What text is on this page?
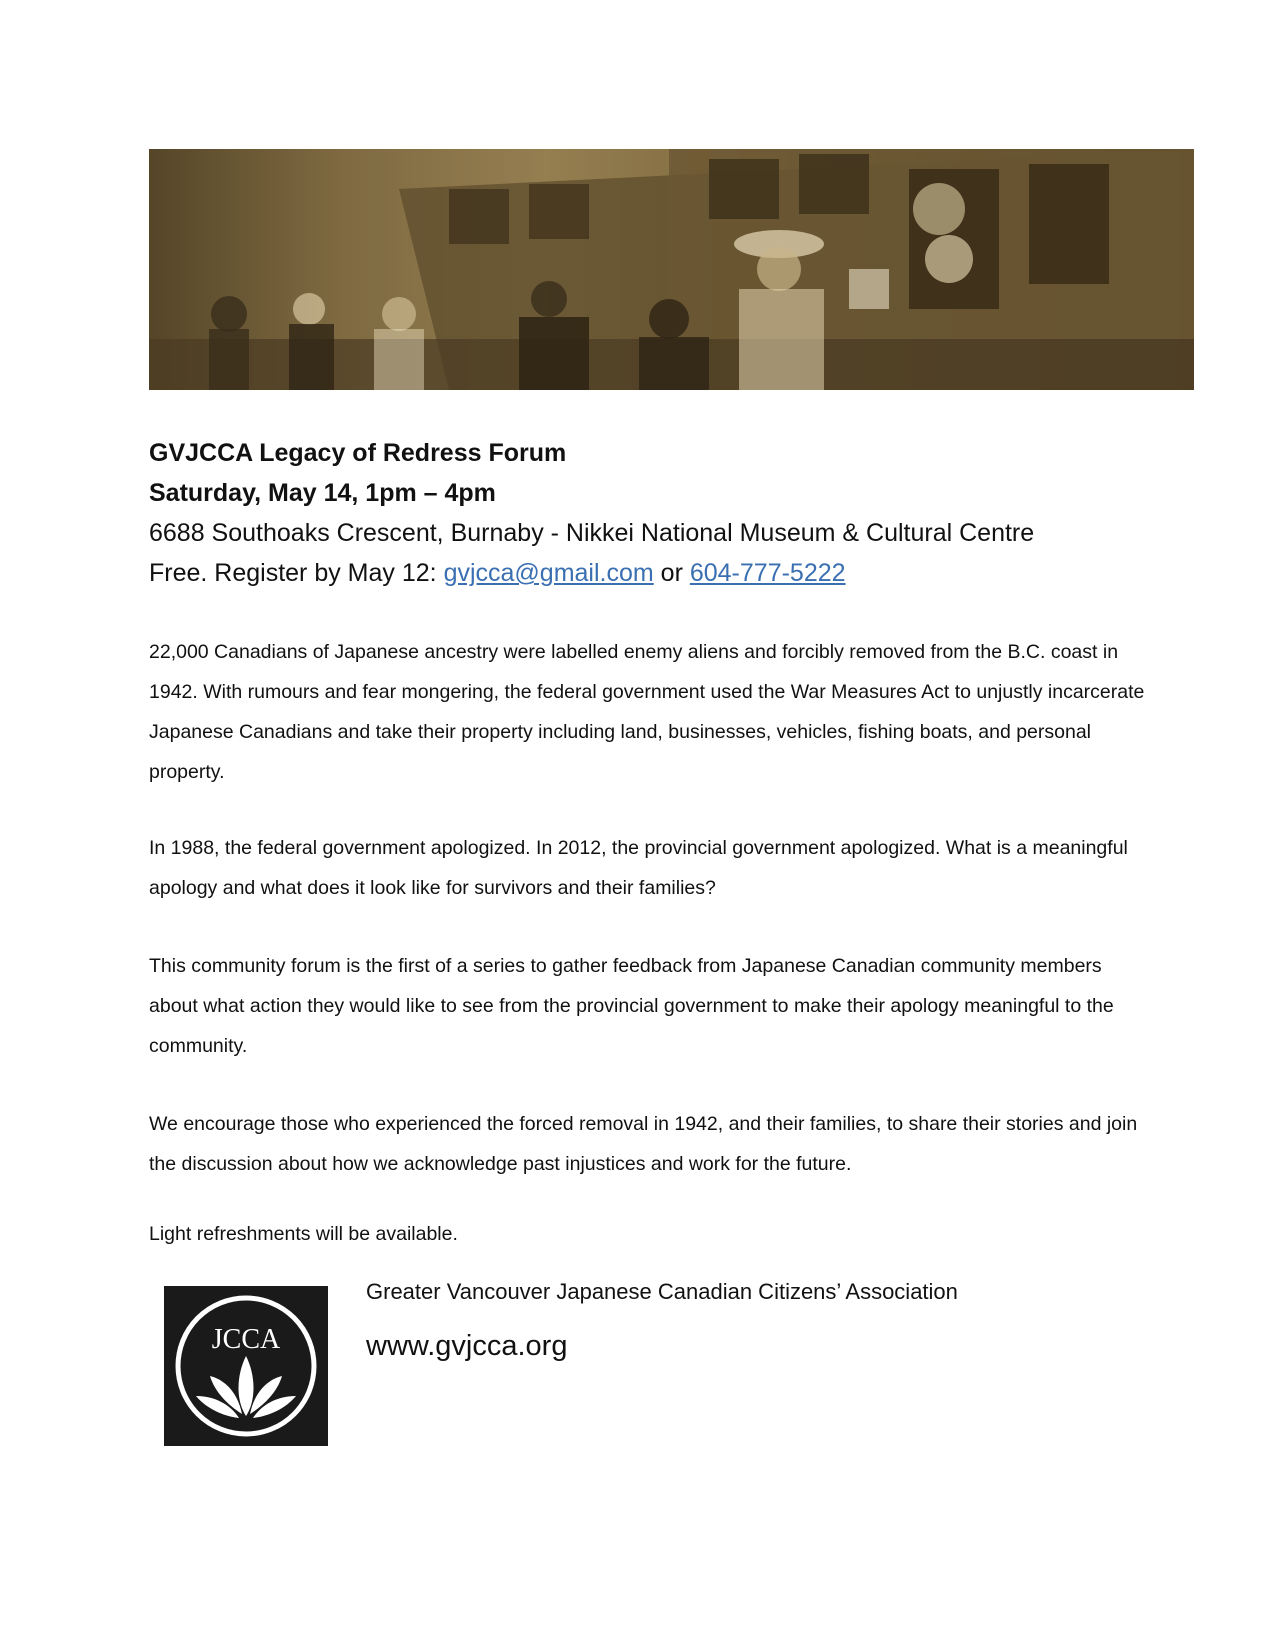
GVJCCA Legacy of Redress Forum
Saturday, May 14, 1pm – 4pm
6688 Southoaks Crescent, Burnaby - Nikkei National Museum & Cultural Centre
Free. Register by May 12: gvjcca@gmail.com or 604-777-5222
22,000 Canadians of Japanese ancestry were labelled enemy aliens and forcibly removed from the B.C. coast in 1942. With rumours and fear mongering, the federal government used the War Measures Act to unjustly incarcerate Japanese Canadians and take their property including land, businesses, vehicles, fishing boats, and personal property.
In 1988, the federal government apologized. In 2012, the provincial government apologized. What is a meaningful apology and what does it look like for survivors and their families?
This community forum is the first of a series to gather feedback from Japanese Canadian community members about what action they would like to see from the provincial government to make their apology meaningful to the community.
We encourage those who experienced the forced removal in 1942, and their families, to share their stories and join the discussion about how we acknowledge past injustices and work for the future.
Light refreshments will be available.
JCCA
Greater Vancouver Japanese Canadian Citizens’ Association
www.gvjcca.org
